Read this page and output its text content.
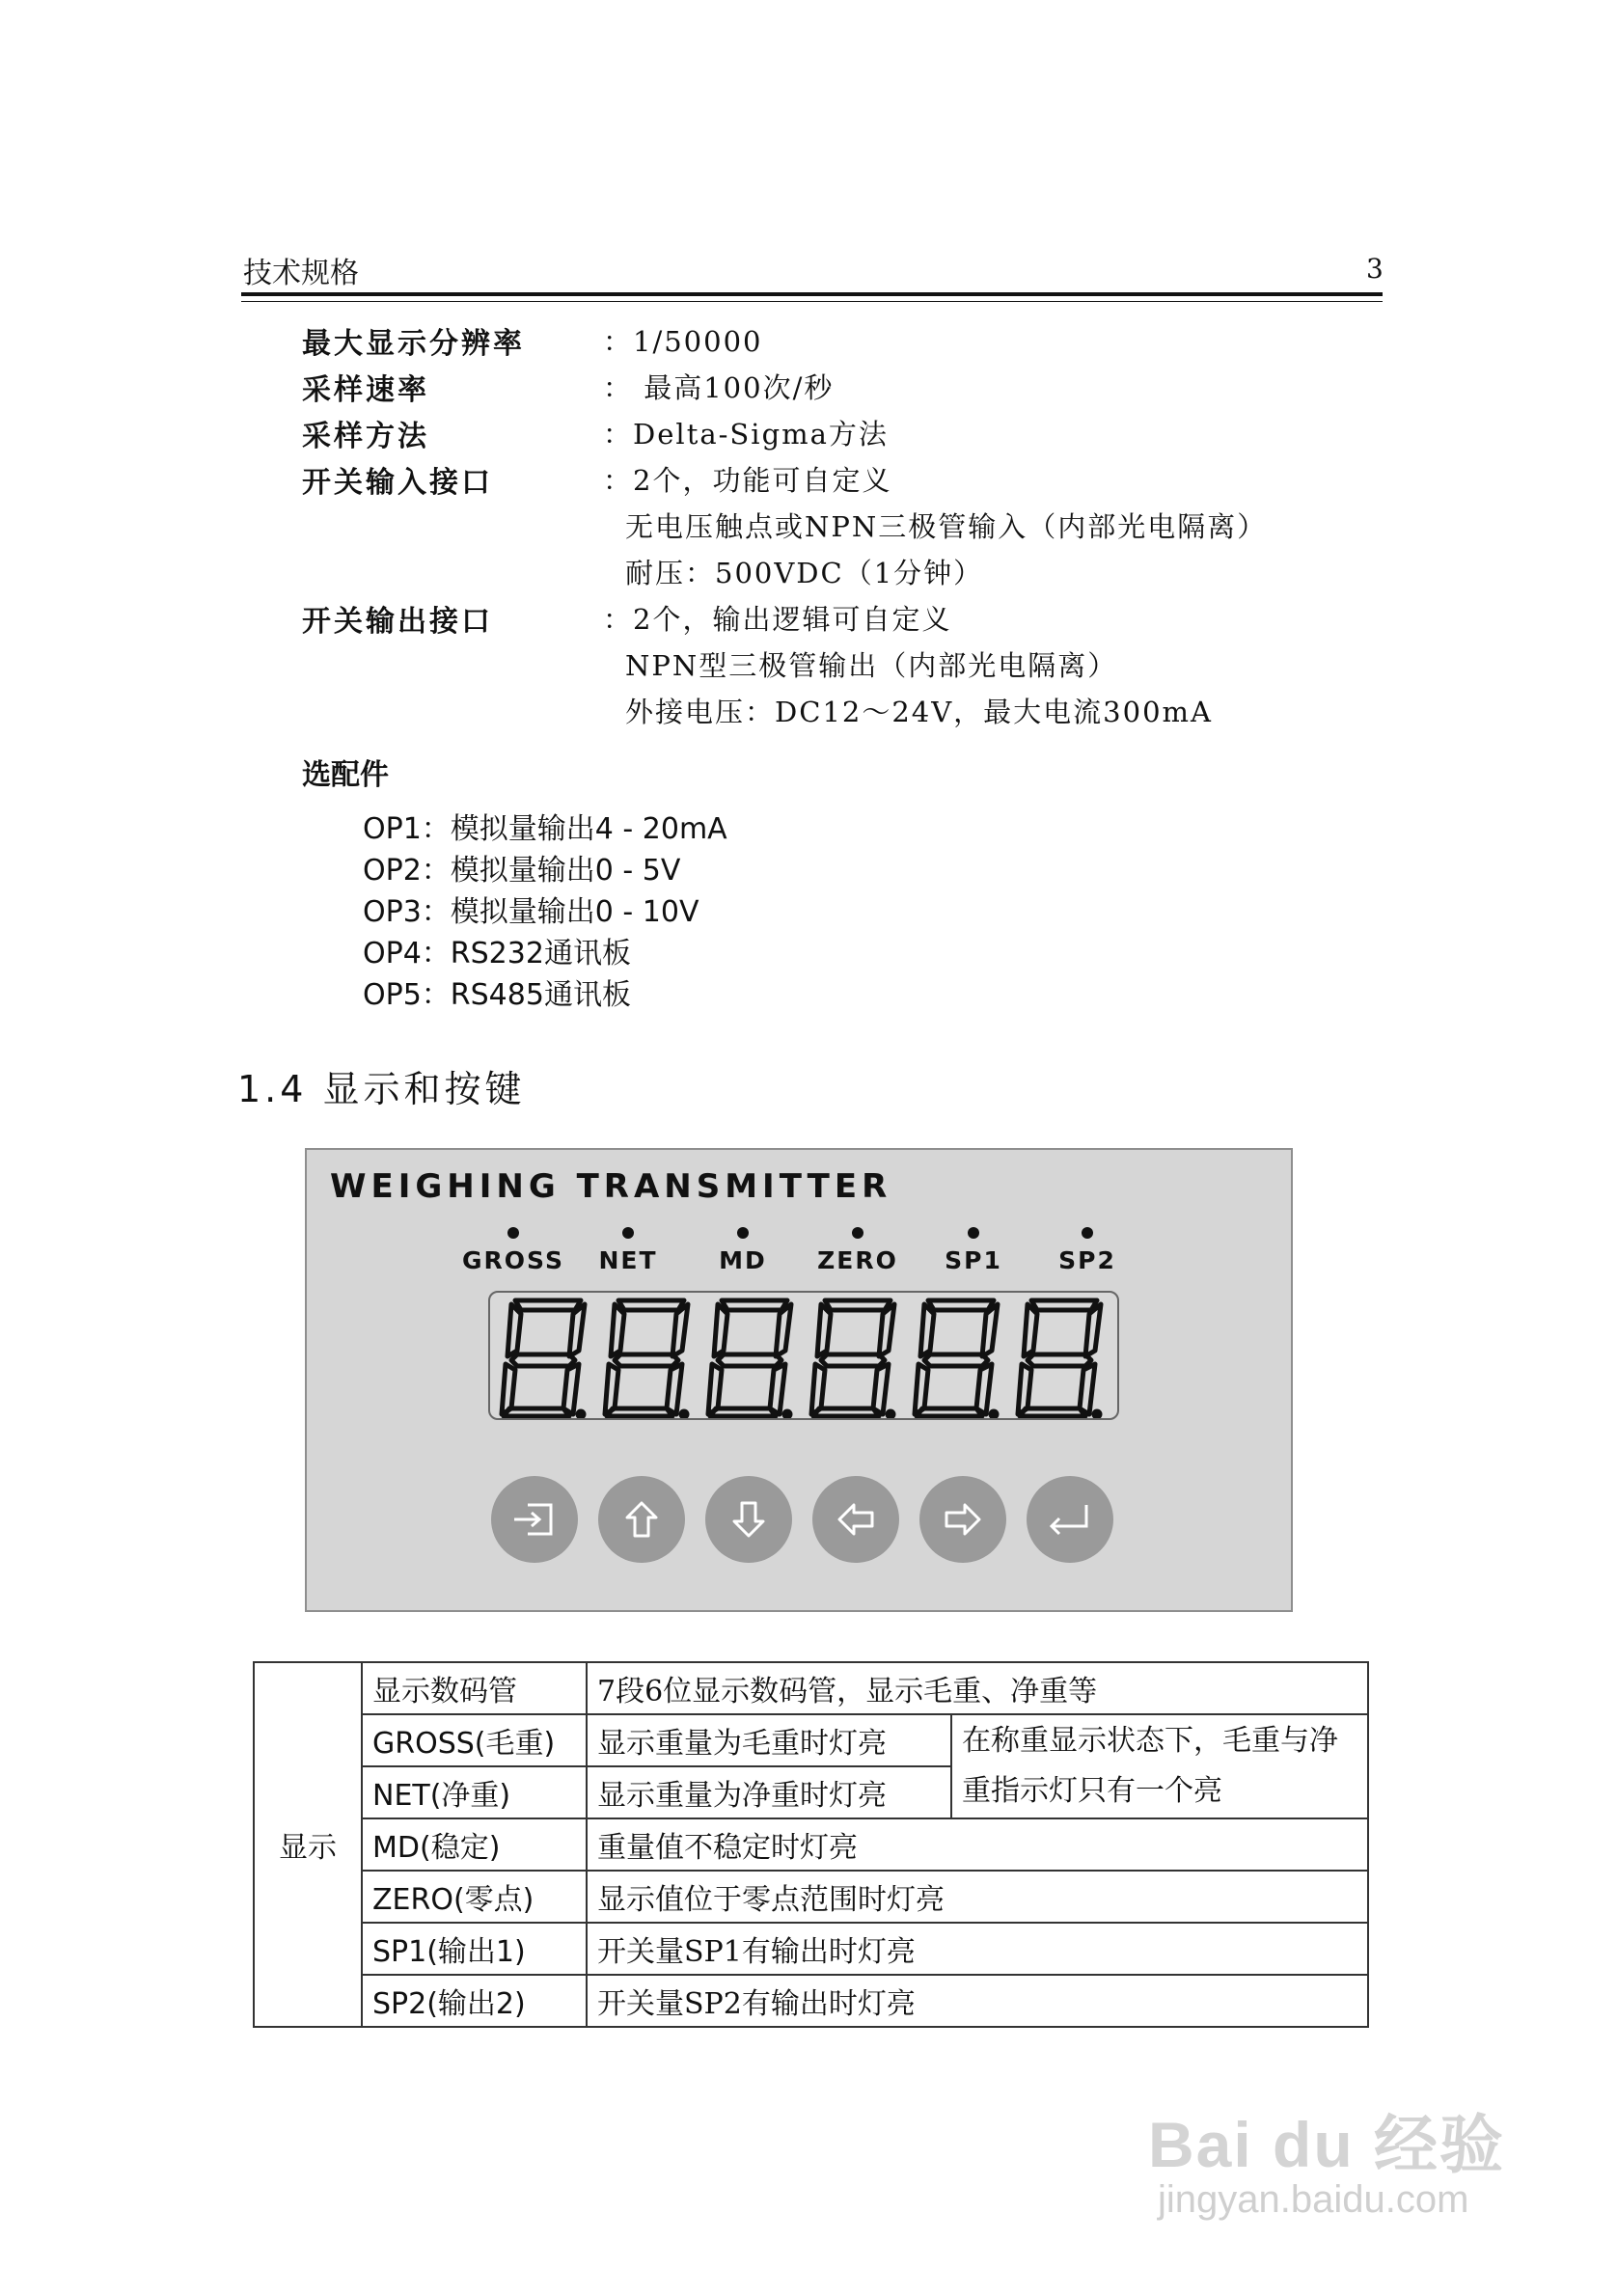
技术规格	3
最大显示分辨率	：1/50000
采样速率	： 最高100次/秒
采样方法	：Delta-Sigma方法
开关输入接口	：2个，功能可自定义
无电压触点或NPN三极管输入（内部光电隔离）
耐压：500VDC（1分钟）
开关输出接口	：2个，输出逻辑可自定义
NPN型三极管输出（内部光电隔离）
外接电压：DC12～24V，最大电流300mA
选配件
OP1：模拟量输出4 - 20mA
OP2：模拟量输出0 - 5V
OP3：模拟量输出0 - 10V
OP4：RS232通讯板
OP5：RS485通讯板
1.4 显示和按键
WEIGHING TRANSMITTER
GROSS NET	MD ZERO SP1 SP2
显示	显示数码管	7段6位显示数码管，显示毛重、净重等	
	GROSS(毛重)	显示重量为毛重时灯亮	在称重显示状态下，毛重与净重指示灯只有一个亮
	NET(净重)	显示重量为净重时灯亮	
	MD(稳定)	重量值不稳定时灯亮	
	ZERO(零点)	显示值位于零点范围时灯亮	
	SP1(输出1)	开关量SP1有输出时灯亮	
	SP2(输出2)	开关量SP2有输出时灯亮	
Bai du 经验
jingyan.baidu.com
